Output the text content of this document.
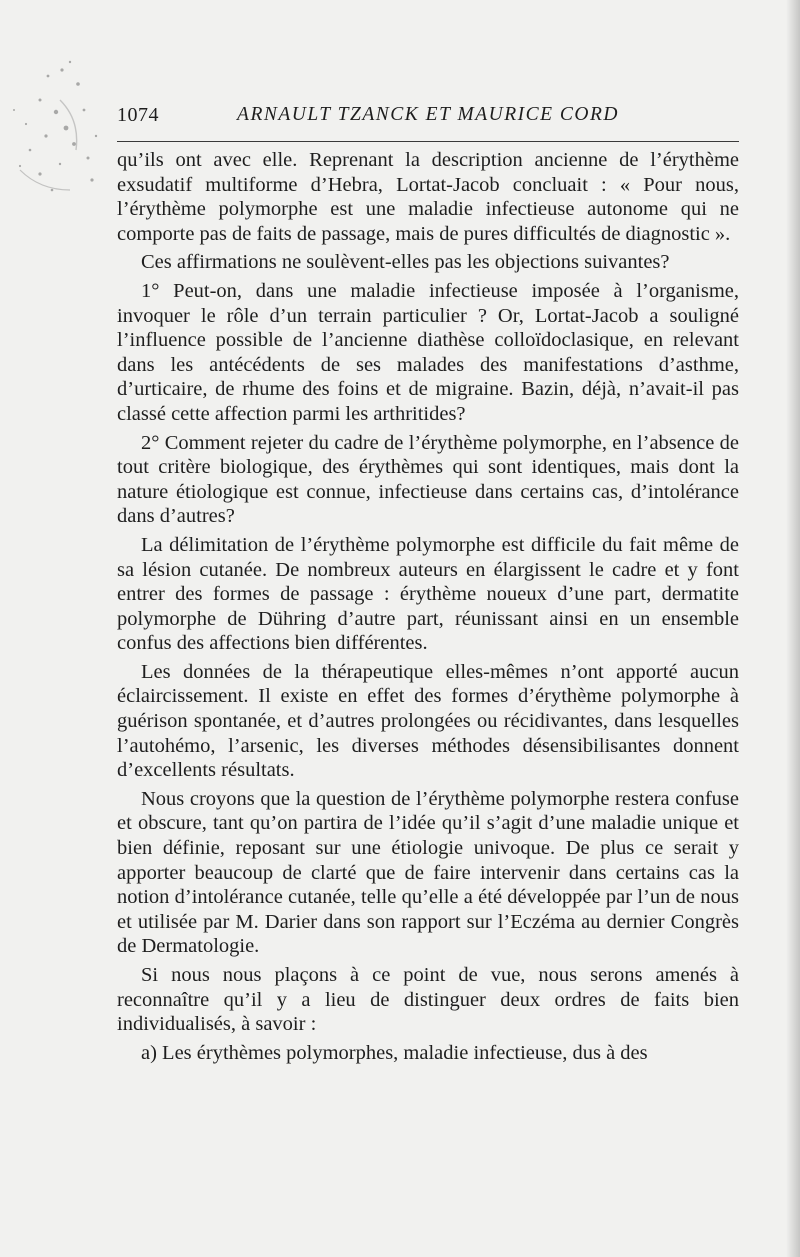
1074	ARNAULT TZANCK ET MAURICE CORD

qu’ils ont avec elle. Reprenant la description ancienne de l’érythème exsudatif multiforme d’Hebra, Lortat-Jacob concluait : « Pour nous, l’érythème polymorphe est une maladie infectieuse autonome qui ne comporte pas de faits de passage, mais de pures difficultés de diagnostic ».

Ces affirmations ne soulèvent-elles pas les objections suivantes?

1° Peut-on, dans une maladie infectieuse imposée à l’organisme, invoquer le rôle d’un terrain particulier ? Or, Lortat-Jacob a souligné l’influence possible de l’ancienne diathèse colloïdoclasique, en relevant dans les antécédents de ses malades des manifestations d’asthme, d’urticaire, de rhume des foins et de migraine. Bazin, déjà, n’avait-il pas classé cette affection parmi les arthritides?

2° Comment rejeter du cadre de l’érythème polymorphe, en l’absence de tout critère biologique, des érythèmes qui sont identiques, mais dont la nature étiologique est connue, infectieuse dans certains cas, d’intolérance dans d’autres?

La délimitation de l’érythème polymorphe est difficile du fait même de sa lésion cutanée. De nombreux auteurs en élargissent le cadre et y font entrer des formes de passage : érythème noueux d’une part, dermatite polymorphe de Dühring d’autre part, réunissant ainsi en un ensemble confus des affections bien différentes.

Les données de la thérapeutique elles-mêmes n’ont apporté aucun éclaircissement. Il existe en effet des formes d’érythème polymorphe à guérison spontanée, et d’autres prolongées ou récidivantes, dans lesquelles l’autohémo, l’arsenic, les diverses méthodes désensibilisantes donnent d’excellents résultats.

Nous croyons que la question de l’érythème polymorphe restera confuse et obscure, tant qu’on partira de l’idée qu’il s’agit d’une maladie unique et bien définie, reposant sur une étiologie univoque. De plus ce serait y apporter beaucoup de clarté que de faire intervenir dans certains cas la notion d’intolérance cutanée, telle qu’elle a été développée par l’un de nous et utilisée par M. Darier dans son rapport sur l’Eczéma au dernier Congrès de Dermatologie.

Si nous nous plaçons à ce point de vue, nous serons amenés à reconnaître qu’il y a lieu de distinguer deux ordres de faits bien individualisés, à savoir :

a) Les érythèmes polymorphes, maladie infectieuse, dus à des
